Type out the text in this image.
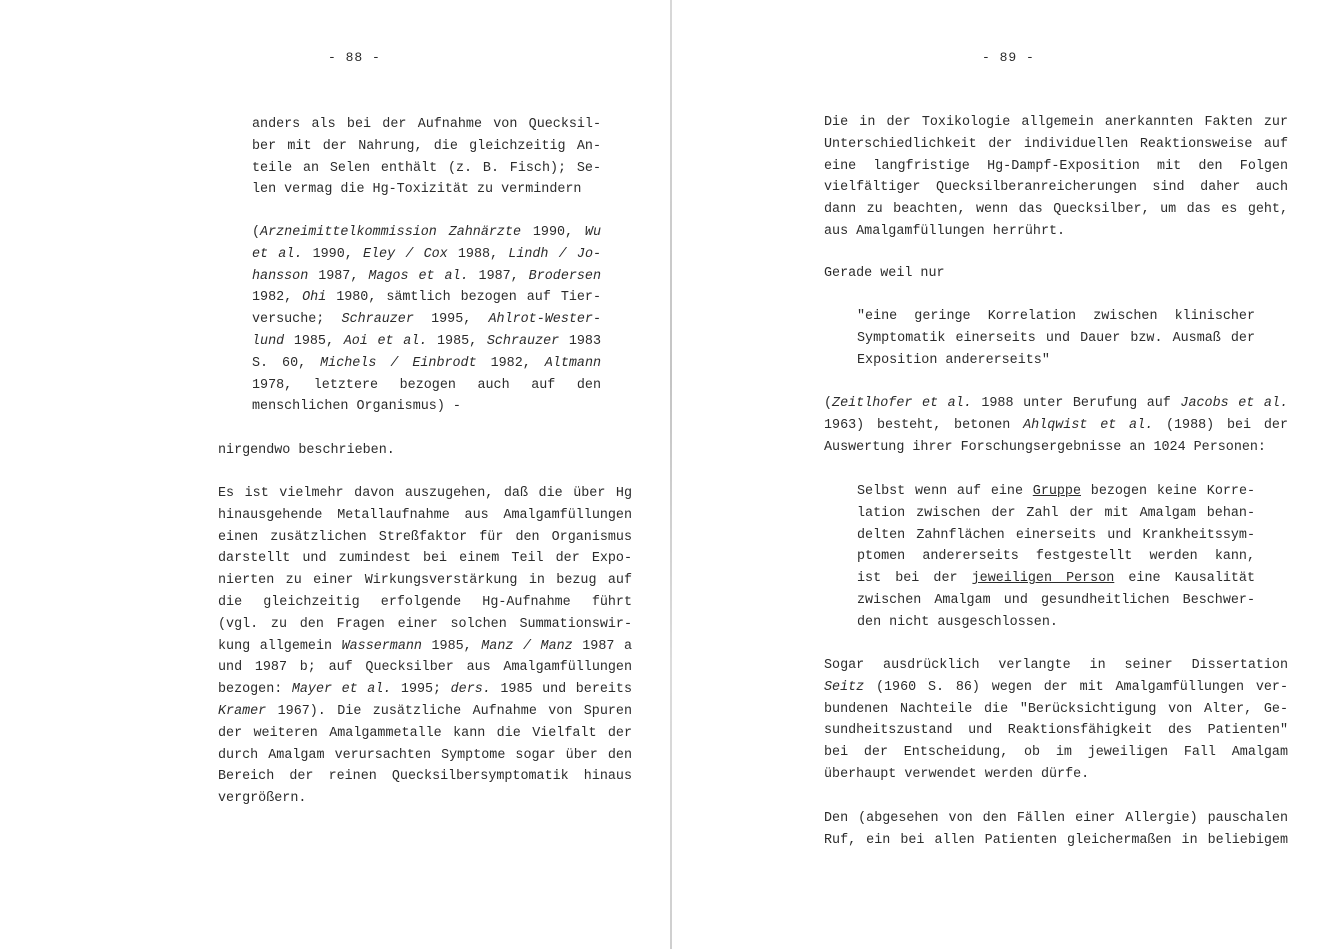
- 88 -
anders als bei der Aufnahme von Quecksil-
ber mit der Nahrung, die gleichzeitig An-
teile an Selen enthält (z. B. Fisch); Se-
len vermag die Hg-Toxizität zu vermindern
(Arzneimittelkommission Zahnärzte 1990, Wu
et al. 1990, Eley / Cox 1988, Lindh / Jo-
hansson 1987, Magos et al. 1987, Brodersen
1982, Ohi 1980, sämtlich bezogen auf Tier-
versuche; Schrauzer 1995, Ahlrot-Wester-
lund 1985, Aoi et al. 1985, Schrauzer 1983
S. 60, Michels / Einbrodt 1982, Altmann
1978, letztere bezogen auch auf den
menschlichen Organismus) -
nirgendwo beschrieben.
Es ist vielmehr davon auszugehen, daß die über Hg
hinausgehende Metallaufnahme aus Amalgamfüllungen
einen zusätzlichen Streßfaktor für den Organismus
darstellt und zumindest bei einem Teil der Expo-
nierten zu einer Wirkungsverstärkung in bezug auf
die gleichzeitig erfolgende Hg-Aufnahme führt
(vgl. zu den Fragen einer solchen Summationswir-
kung allgemein Wassermann 1985, Manz / Manz 1987 a
und 1987 b; auf Quecksilber aus Amalgamfüllungen
bezogen: Mayer et al. 1995; ders. 1985 und bereits
Kramer 1967). Die zusätzliche Aufnahme von Spuren
der weiteren Amalgammetalle kann die Vielfalt der
durch Amalgam verursachten Symptome sogar über den
Bereich der reinen Quecksilbersymptomatik hinaus
vergrößern.
- 89 -
Die in der Toxikologie allgemein anerkannten Fakten zur
Unterschiedlichkeit der individuellen Reaktionsweise auf
eine langfristige Hg-Dampf-Exposition mit den Folgen
vielfältiger Quecksilberanreicherungen sind daher auch
dann zu beachten, wenn das Quecksilber, um das es geht,
aus Amalgamfüllungen herrührt.
Gerade weil nur
"eine geringe Korrelation zwischen klinischer
Symptomatik einerseits und Dauer bzw. Ausmaß der
Exposition andererseits"
(Zeitlhofer et al. 1988 unter Berufung auf Jacobs et al.
1963) besteht, betonen Ahlqwist et al. (1988) bei der
Auswertung ihrer Forschungsergebnisse an 1024 Personen:
Selbst wenn auf eine Gruppe bezogen keine Korre-
lation zwischen der Zahl der mit Amalgam behan-
delten Zahnflächen einerseits und Krankheitssym-
ptomen andererseits festgestellt werden kann,
ist bei der jeweiligen Person eine Kausalität
zwischen Amalgam und gesundheitlichen Beschwer-
den nicht ausgeschlossen.
Sogar ausdrücklich verlangte in seiner Dissertation
Seitz (1960 S. 86) wegen der mit Amalgamfüllungen ver-
bundenen Nachteile die "Berücksichtigung von Alter, Ge-
sundheitszustand und Reaktionsfähigkeit des Patienten"
bei der Entscheidung, ob im jeweiligen Fall Amalgam
überhaupt verwendet werden dürfe.
Den (abgesehen von den Fällen einer Allergie) pauschalen
Ruf, ein bei allen Patienten gleichermaßen in beliebigem
